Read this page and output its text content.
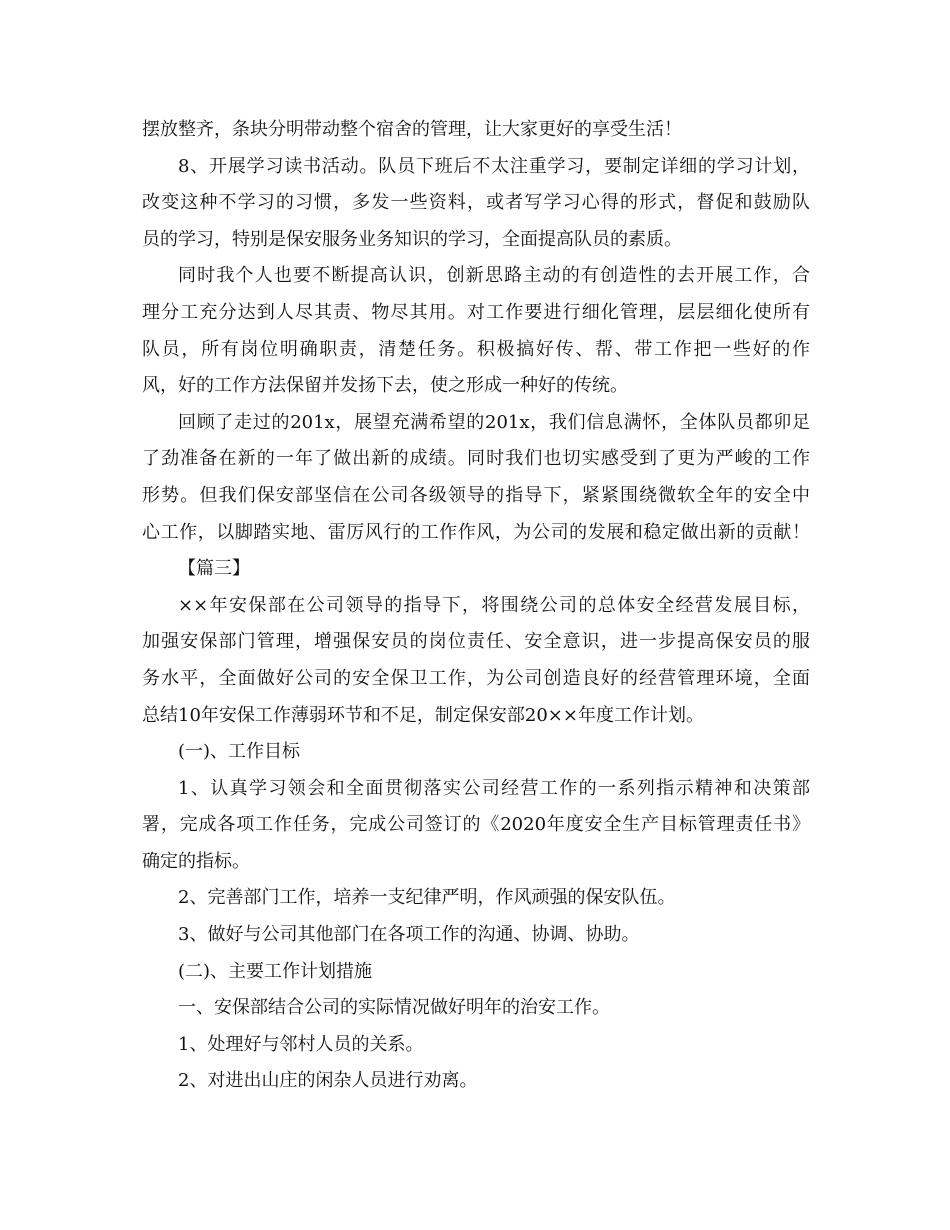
摆放整齐，条块分明带动整个宿舍的管理，让大家更好的享受生活！
8、开展学习读书活动。队员下班后不太注重学习，要制定详细的学习计划，
改变这种不学习的习惯，多发一些资料，或者写学习心得的形式，督促和鼓励队
员的学习，特别是保安服务业务知识的学习，全面提高队员的素质。
同时我个人也要不断提高认识，创新思路主动的有创造性的去开展工作，合
理分工充分达到人尽其责、物尽其用。对工作要进行细化管理，层层细化使所有
队员，所有岗位明确职责，清楚任务。积极搞好传、帮、带工作把一些好的作
风，好的工作方法保留并发扬下去，使之形成一种好的传统。
回顾了走过的201x，展望充满希望的201x，我们信息满怀，全体队员都卯足
了劲准备在新的一年了做出新的成绩。同时我们也切实感受到了更为严峻的工作
形势。但我们保安部坚信在公司各级领导的指导下，紧紧围绕微软全年的安全中
心工作，以脚踏实地、雷厉风行的工作作风，为公司的发展和稳定做出新的贡献！
【篇三】
××年安保部在公司领导的指导下，将围绕公司的总体安全经营发展目标，
加强安保部门管理，增强保安员的岗位责任、安全意识，进一步提高保安员的服
务水平，全面做好公司的安全保卫工作，为公司创造良好的经营管理环境，全面
总结10年安保工作薄弱环节和不足，制定保安部20××年度工作计划。
(一)、工作目标
1、认真学习领会和全面贯彻落实公司经营工作的一系列指示精神和决策部
署，完成各项工作任务，完成公司签订的《2020年度安全生产目标管理责任书》
确定的指标。
2、完善部门工作，培养一支纪律严明，作风顽强的保安队伍。
3、做好与公司其他部门在各项工作的沟通、协调、协助。
(二)、主要工作计划措施
一、安保部结合公司的实际情况做好明年的治安工作。
1、处理好与邻村人员的关系。
2、对进出山庄的闲杂人员进行劝离。
